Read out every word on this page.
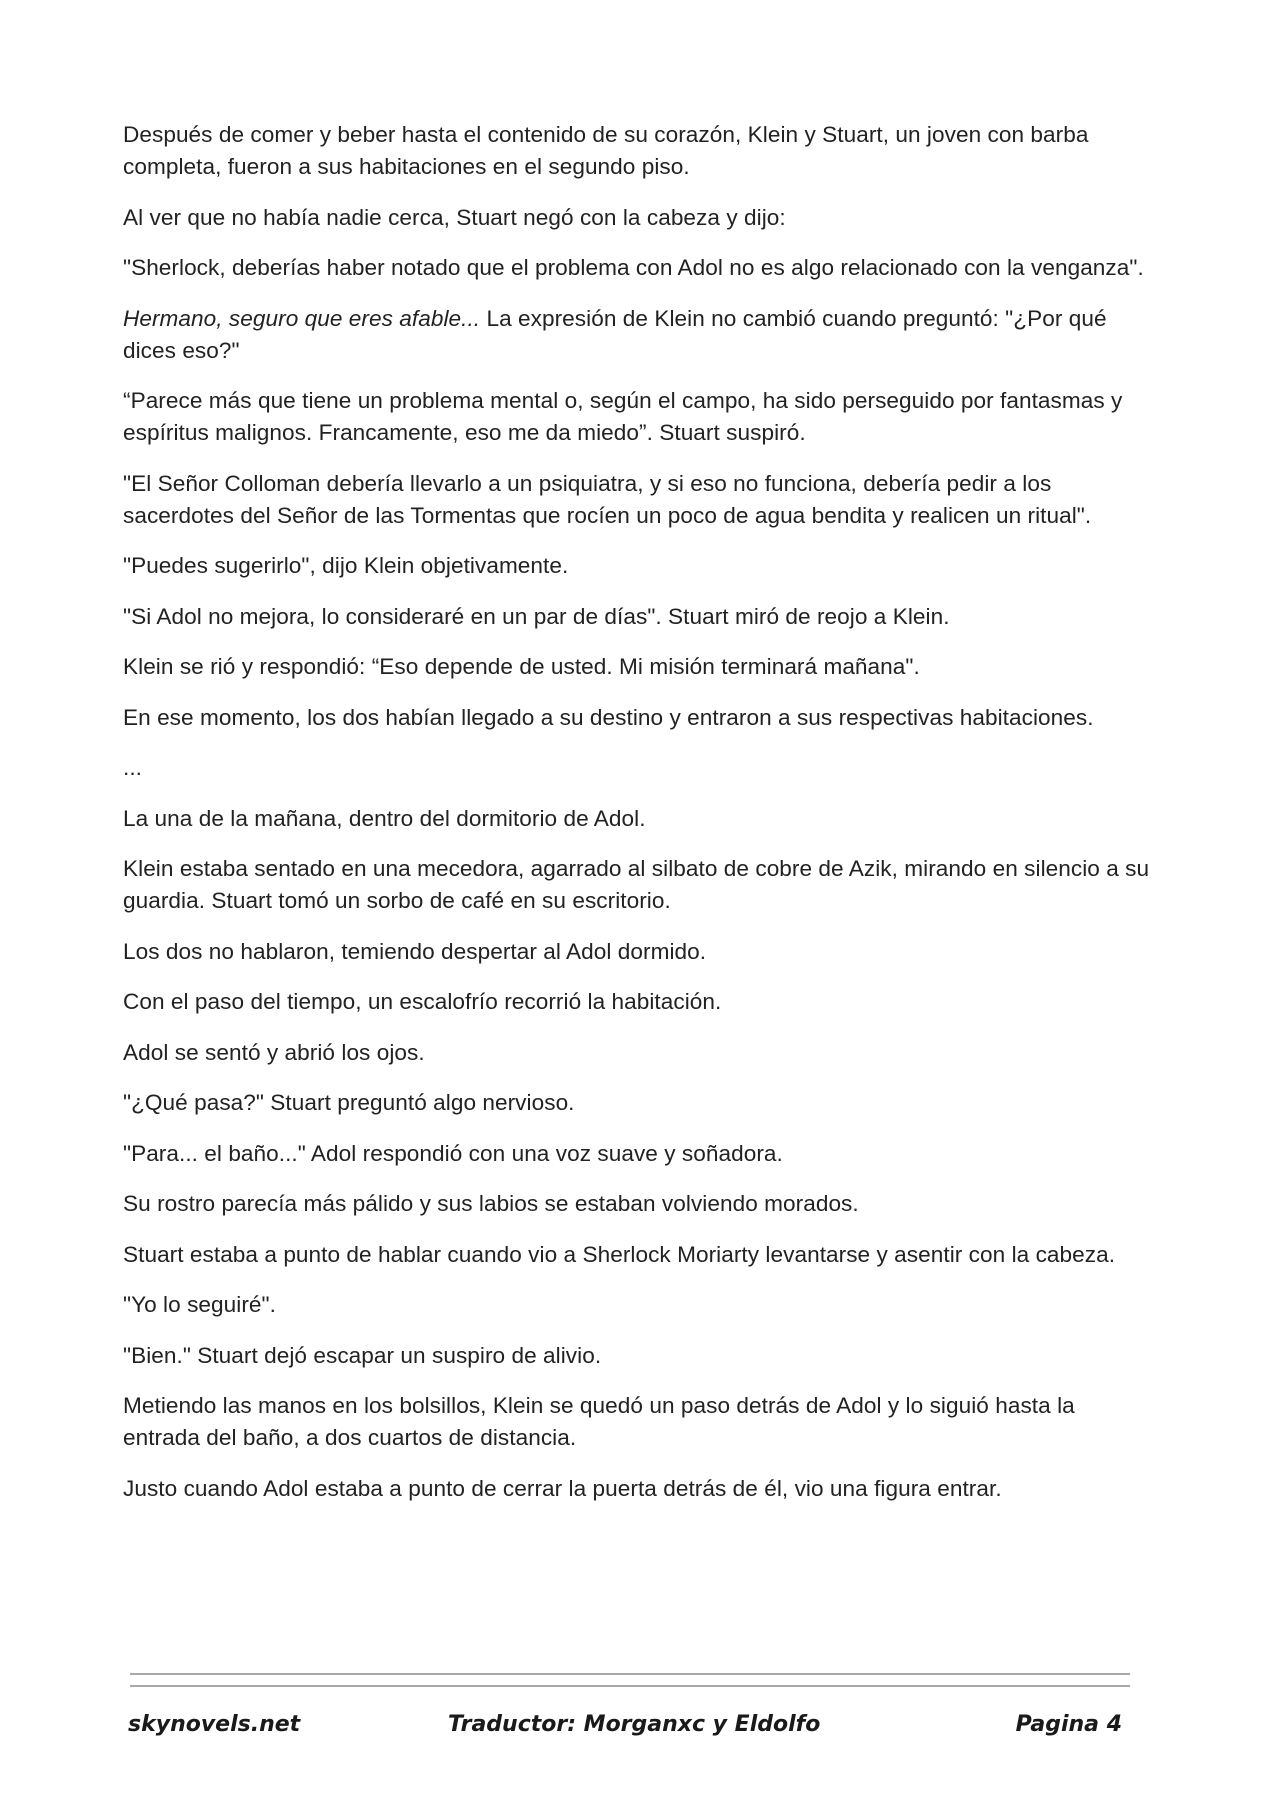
Después de comer y beber hasta el contenido de su corazón, Klein y Stuart, un joven con barba completa, fueron a sus habitaciones en el segundo piso.

Al ver que no había nadie cerca, Stuart negó con la cabeza y dijo:

"Sherlock, deberías haber notado que el problema con Adol no es algo relacionado con la venganza".

Hermano, seguro que eres afable... La expresión de Klein no cambió cuando preguntó: "¿Por qué dices eso?"

“Parece más que tiene un problema mental o, según el campo, ha sido perseguido por fantasmas y espíritus malignos. Francamente, eso me da miedo”. Stuart suspiró.

"El Señor Colloman debería llevarlo a un psiquiatra, y si eso no funciona, debería pedir a los sacerdotes del Señor de las Tormentas que rocíen un poco de agua bendita y realicen un ritual".

"Puedes sugerirlo", dijo Klein objetivamente.

"Si Adol no mejora, lo consideraré en un par de días". Stuart miró de reojo a Klein.

Klein se rió y respondió: “Eso depende de usted. Mi misión terminará mañana".

En ese momento, los dos habían llegado a su destino y entraron a sus respectivas habitaciones.

...

La una de la mañana, dentro del dormitorio de Adol.

Klein estaba sentado en una mecedora, agarrado al silbato de cobre de Azik, mirando en silencio a su guardia. Stuart tomó un sorbo de café en su escritorio.

Los dos no hablaron, temiendo despertar al Adol dormido.

Con el paso del tiempo, un escalofrío recorrió la habitación.

Adol se sentó y abrió los ojos.

"¿Qué pasa?" Stuart preguntó algo nervioso.

"Para... el baño..." Adol respondió con una voz suave y soñadora.

Su rostro parecía más pálido y sus labios se estaban volviendo morados.

Stuart estaba a punto de hablar cuando vio a Sherlock Moriarty levantarse y asentir con la cabeza.

"Yo lo seguiré".

"Bien." Stuart dejó escapar un suspiro de alivio.

Metiendo las manos en los bolsillos, Klein se quedó un paso detrás de Adol y lo siguió hasta la entrada del baño, a dos cuartos de distancia.

Justo cuando Adol estaba a punto de cerrar la puerta detrás de él, vio una figura entrar.

skynovels.net	Traductor: Morganxc y Eldolfo	Pagina 4
